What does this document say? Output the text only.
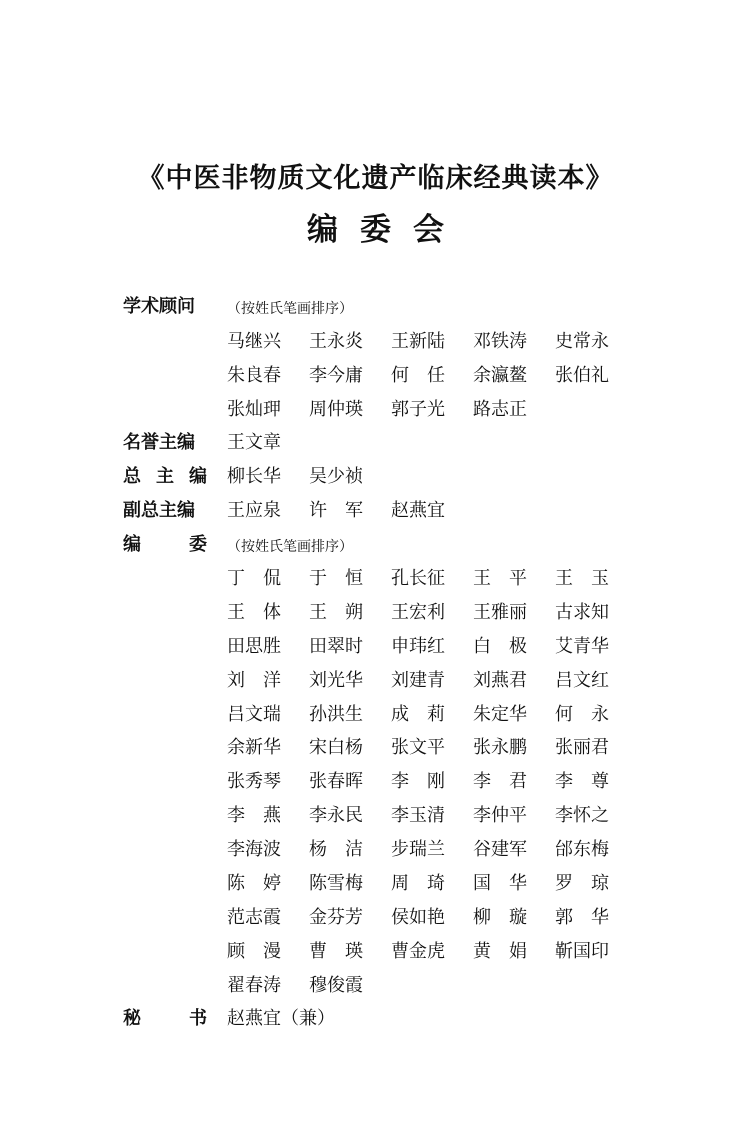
《中医非物质文化遗产临床经典读本》
编委会
学术顾问	（按姓氏笔画排序）
马继兴	王永炎	王新陆	邓铁涛	史常永
朱良春	李今庸	何　任	余瀛鳌	张伯礼
张灿玾	周仲瑛	郭子光	路志正
名誉主编	王文章
总 主 编 柳长华	吴少祯
副总主编	王应泉	许　军	赵燕宜
编	委 （按姓氏笔画排序）
丁　侃	于　恒	孔长征	王　平	王　玉
王　体	王　朔	王宏利	王雅丽	古求知
田思胜	田翠时	申玮红	白　极	艾青华
刘　洋	刘光华	刘建青	刘燕君	吕文红
吕文瑞	孙洪生	成　莉	朱定华	何　永
余新华	宋白杨	张文平	张永鹏	张丽君
张秀琴	张春晖	李　刚	李　君	李　尊
李　燕	李永民	李玉清	李仲平	李怀之
李海波	杨　洁	步瑞兰	谷建军	邰东梅
陈　婷	陈雪梅	周　琦	国　华	罗　琼
范志霞	金芬芳	侯如艳	柳　璇	郭　华
顾　漫	曹　瑛	曹金虎	黄　娟	靳国印
翟春涛	穆俊霞
秘	书 赵燕宜（兼）
